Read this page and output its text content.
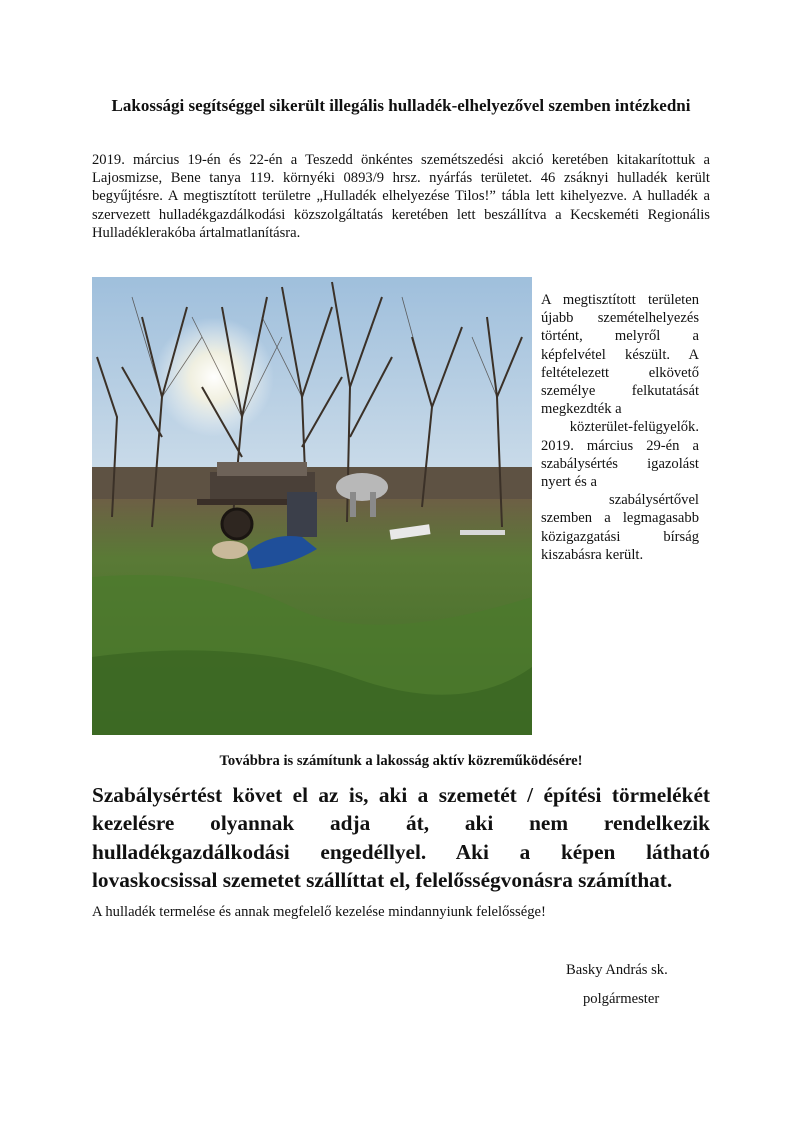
Lakossági segítséggel sikerült illegális hulladék-elhelyezővel szemben intézkedni
2019. március 19-én és 22-én a Teszedd önkéntes szemétszedési akció keretében kitakarítottuk a Lajosmizse, Bene tanya 119. környéki 0893/9 hrsz. nyárfás területet. 46 zsáknyi hulladék került begyűjtésre. A megtisztított területre „Hulladék elhelyezése Tilos!” tábla lett kihelyezve. A hulladék a szervezett hulladékgazdálkodási közszolgáltatás keretében lett beszállítva a Kecskeméti Regionális Hulladéklerakóba ártalmatlanításra.
A megtisztított területen újabb szemételhelyezés történt, melyről a képfelvétel készült. A feltételezett elkövető személye felkutatását megkezdték a
közterület-felügyelők.
2019. március 29-én a szabálysértés igazolást nyert és a
szabálysértővel
szemben a legmagasabb közigazgatási bírság kiszabásra került.
Továbbra is számítunk a lakosság aktív közreműködésére!
Szabálysértést követ el az is, aki a szemetét / építési törmelékét kezelésre olyannak adja át, aki nem rendelkezik hulladékgazdálkodási engedéllyel. Aki a képen látható lovaskocsissal szemetet szállíttat el, felelősségvonásra számíthat.
A hulladék termelése és annak megfelelő kezelése mindannyiunk felelőssége!
Basky András sk.
polgármester
